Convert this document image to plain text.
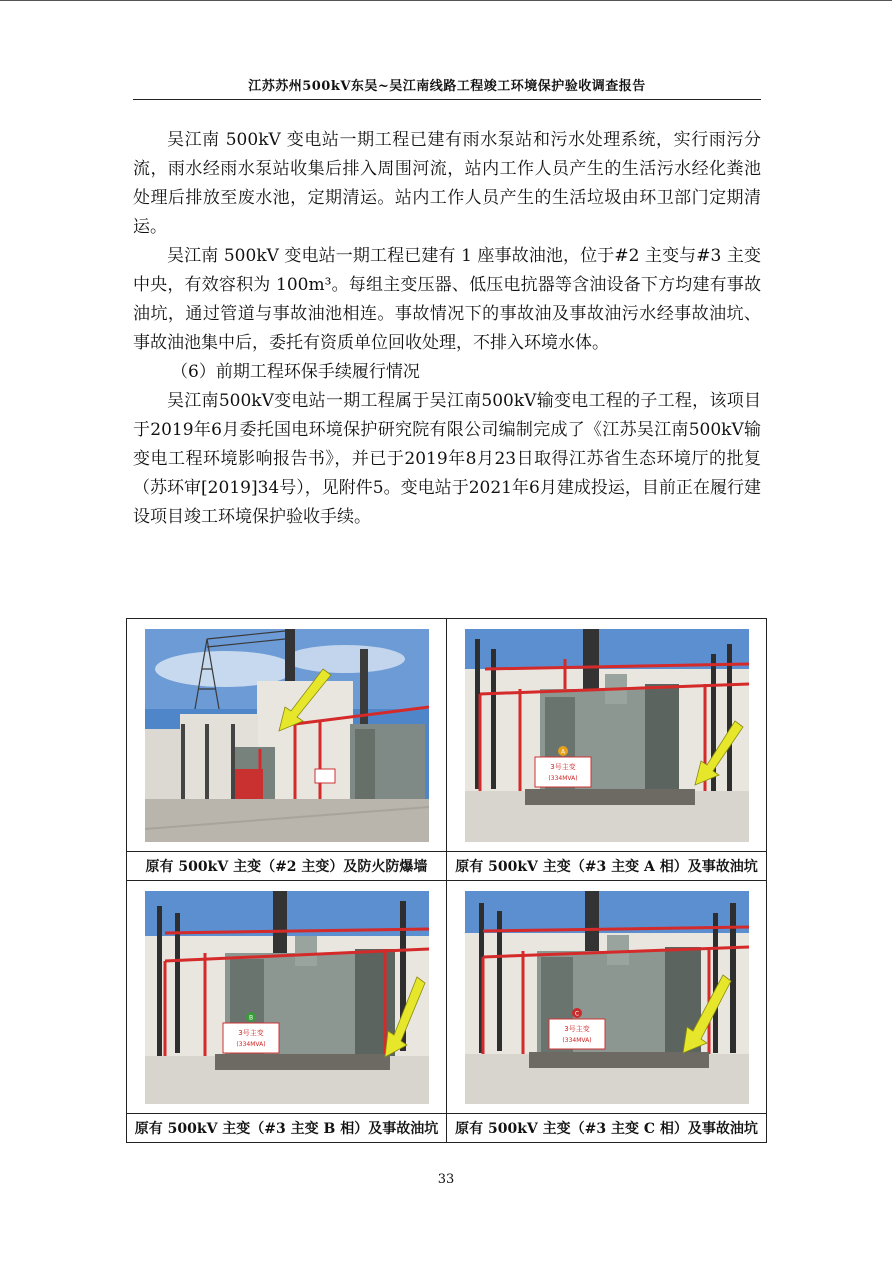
江苏苏州500kV东吴~吴江南线路工程竣工环境保护验收调查报告

吴江南 500kV 变电站一期工程已建有雨水泵站和污水处理系统，实行雨污分流，雨水经雨水泵站收集后排入周围河流，站内工作人员产生的生活污水经化粪池处理后排放至废水池，定期清运。站内工作人员产生的生活垃圾由环卫部门定期清运。

吴江南 500kV 变电站一期工程已建有 1 座事故油池，位于#2 主变与#3 主变中央，有效容积为 100m³。每组主变压器、低压电抗器等含油设备下方均建有事故油坑，通过管道与事故油池相连。事故情况下的事故油及事故油污水经事故油坑、事故油池集中后，委托有资质单位回收处理，不排入环境水体。

（6）前期工程环保手续履行情况

吴江南500kV变电站一期工程属于吴江南500kV输变电工程的子工程，该项目于2019年6月委托国电环境保护研究院有限公司编制完成了《江苏吴江南500kV输变电工程环境影响报告书》，并已于2019年8月23日取得江苏省生态环境厅的批复（苏环审[2019]34号），见附件5。变电站于2021年6月建成投运，目前正在履行建设项目竣工环境保护验收手续。

A
3号主变
(334MVA)

原有 500kV 主变（#2 主变）及防火防爆墙	原有 500kV 主变（#3 主变 A 相）及事故油坑

B
3号主变
(334MVA)	C
3号主变
(334MVA)

原有 500kV 主变（#3 主变 B 相）及事故油坑	原有 500kV 主变（#3 主变 C 相）及事故油坑
33
